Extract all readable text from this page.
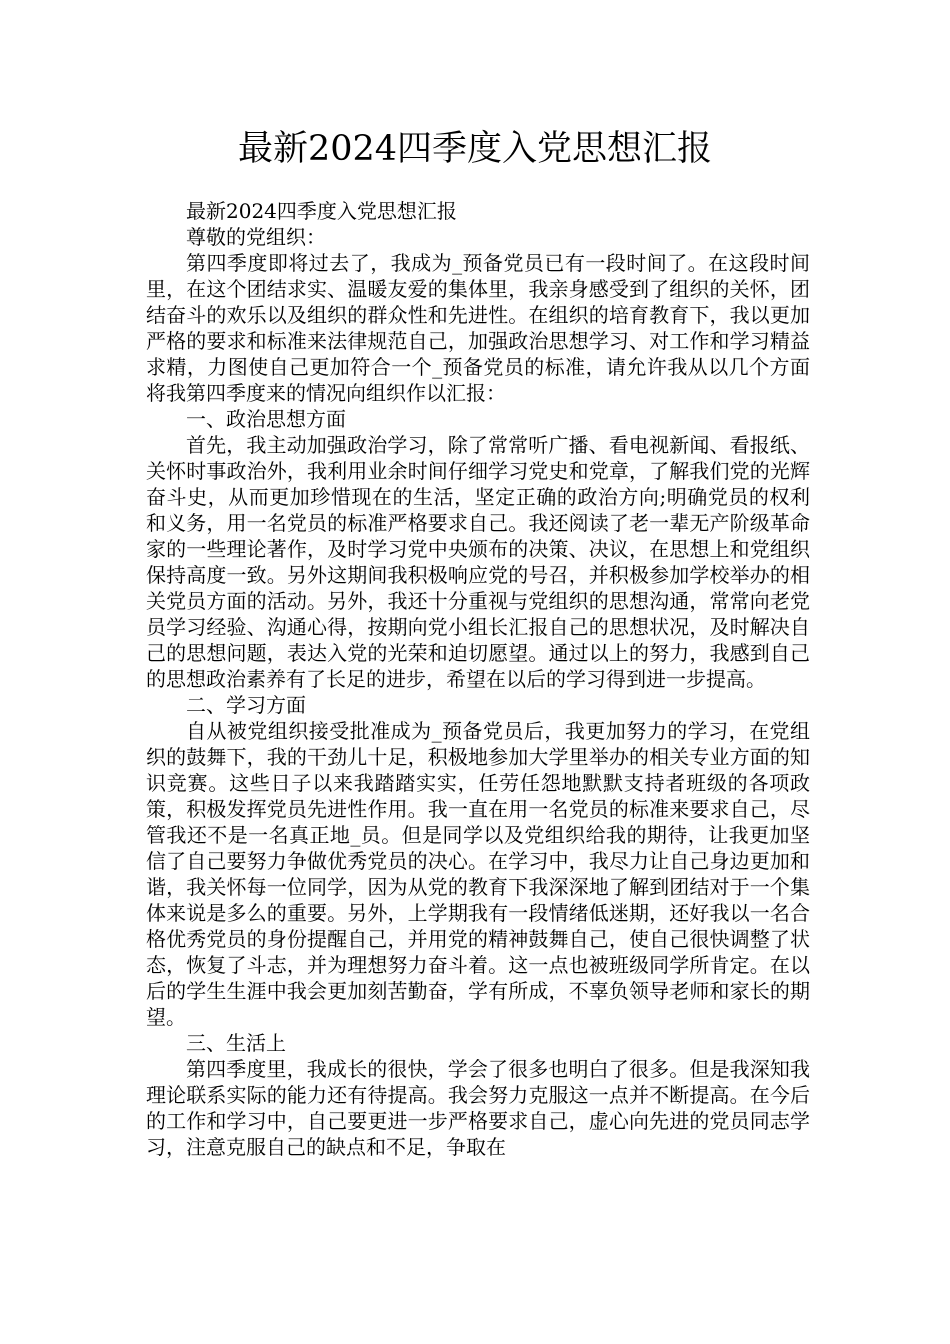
最新2024四季度入党思想汇报

最新2024四季度入党思想汇报

尊敬的党组织：

第四季度即将过去了，我成为_预备党员已有一段时间了。在这段时间里，在这个团结求实、温暖友爱的集体里，我亲身感受到了组织的关怀，团结奋斗的欢乐以及组织的群众性和先进性。在组织的培育教育下，我以更加严格的要求和标准来法律规范自己，加强政治思想学习、对工作和学习精益求精，力图使自己更加符合一个_预备党员的标准，请允许我从以几个方面将我第四季度来的情况向组织作以汇报：

一、政治思想方面

首先，我主动加强政治学习，除了常常听广播、看电视新闻、看报纸、关怀时事政治外，我利用业余时间仔细学习党史和党章，了解我们党的光辉奋斗史，从而更加珍惜现在的生活，坚定正确的政治方向;明确党员的权利和义务，用一名党员的标准严格要求自己。我还阅读了老一辈无产阶级革命家的一些理论著作，及时学习党中央颁布的决策、决议，在思想上和党组织保持高度一致。另外这期间我积极响应党的号召，并积极参加学校举办的相关党员方面的活动。另外，我还十分重视与党组织的思想沟通，常常向老党员学习经验、沟通心得，按期向党小组长汇报自己的思想状况，及时解决自己的思想问题，表达入党的光荣和迫切愿望。通过以上的努力，我感到自己的思想政治素养有了长足的进步，希望在以后的学习得到进一步提高。

二、学习方面

自从被党组织接受批准成为_预备党员后，我更加努力的学习，在党组织的鼓舞下，我的干劲儿十足，积极地参加大学里举办的相关专业方面的知识竞赛。这些日子以来我踏踏实实，任劳任怨地默默支持者班级的各项政策，积极发挥党员先进性作用。我一直在用一名党员的标准来要求自己，尽管我还不是一名真正地_员。但是同学以及党组织给我的期待，让我更加坚信了自己要努力争做优秀党员的决心。在学习中，我尽力让自己身边更加和谐，我关怀每一位同学，因为从党的教育下我深深地了解到团结对于一个集体来说是多么的重要。另外，上学期我有一段情绪低迷期，还好我以一名合格优秀党员的身份提醒自己，并用党的精神鼓舞自己，使自己很快调整了状态，恢复了斗志，并为理想努力奋斗着。这一点也被班级同学所肯定。在以后的学生生涯中我会更加刻苦勤奋，学有所成，不辜负领导老师和家长的期望。

三、生活上

第四季度里，我成长的很快，学会了很多也明白了很多。但是我深知我理论联系实际的能力还有待提高。我会努力克服这一点并不断提高。在今后的工作和学习中，自己要更进一步严格要求自己，虚心向先进的党员同志学习，注意克服自己的缺点和不足，争取在
